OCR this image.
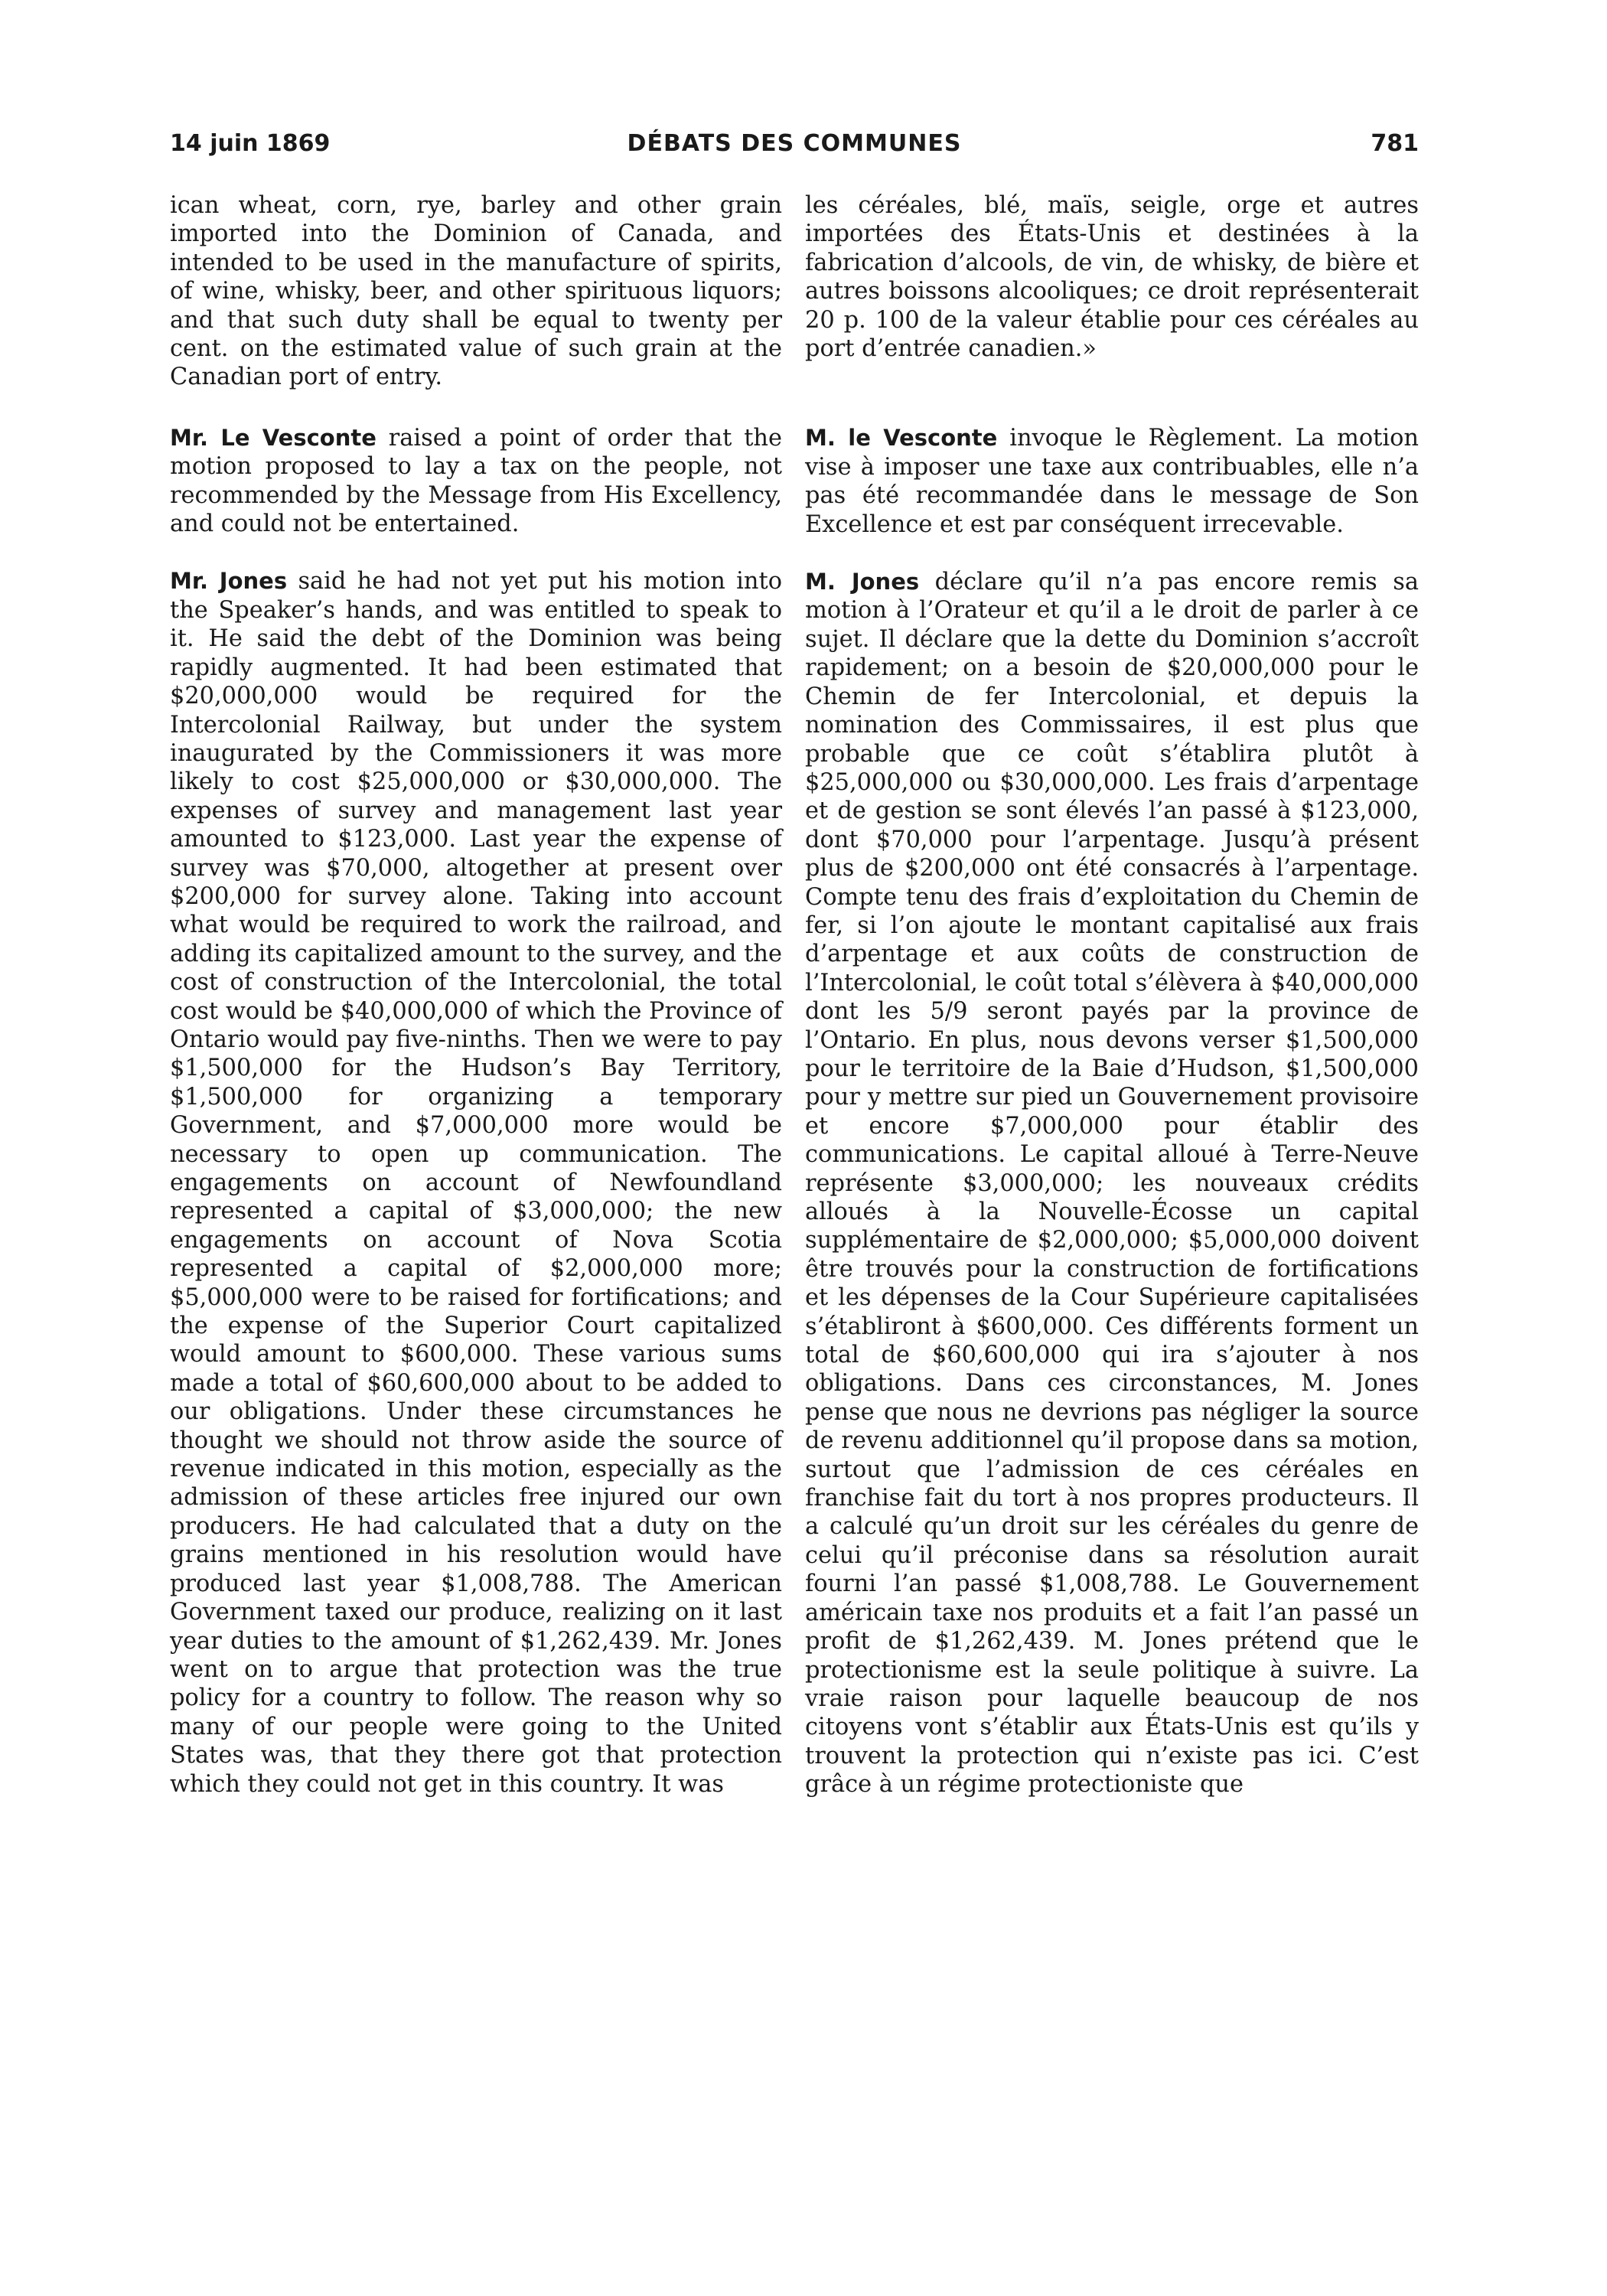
14 juin 1869	DÉBATS DES COMMUNES	781

ican wheat, corn, rye, barley and other grain imported into the Dominion of Canada, and intended to be used in the manufacture of spirits, of wine, whisky, beer, and other spirituous liquors; and that such duty shall be equal to twenty per cent. on the estimated value of such grain at the Canadian port of entry.

Mr. Le Vesconte raised a point of order that the motion proposed to lay a tax on the people, not recommended by the Message from His Excellency, and could not be entertained.

Mr. Jones said he had not yet put his motion into the Speaker’s hands, and was entitled to speak to it. He said the debt of the Dominion was being rapidly augmented. It had been estimated that $20,000,000 would be required for the Intercolonial Railway, but under the system inaugurated by the Commissioners it was more likely to cost $25,000,000 or $30,000,000. The expenses of survey and management last year amounted to $123,000. Last year the expense of survey was $70,000, altogether at present over $200,000 for survey alone. Taking into account what would be required to work the railroad, and adding its capitalized amount to the survey, and the cost of construction of the Intercolonial, the total cost would be $40,000,000 of which the Province of Ontario would pay five-ninths. Then we were to pay $1,500,000 for the Hudson’s Bay Territory, $1,500,000 for organizing a temporary Government, and $7,000,000 more would be necessary to open up communication. The engagements on account of Newfoundland represented a capital of $3,000,000; the new engagements on account of Nova Scotia represented a capital of $2,000,000 more; $5,000,000 were to be raised for fortifications; and the expense of the Superior Court capitalized would amount to $600,000. These various sums made a total of $60,600,000 about to be added to our obligations. Under these circumstances he thought we should not throw aside the source of revenue indicated in this motion, especially as the admission of these articles free injured our own producers. He had calculated that a duty on the grains mentioned in his resolution would have produced last year $1,008,788. The American Government taxed our produce, realizing on it last year duties to the amount of $1,262,439. Mr. Jones went on to argue that protection was the true policy for a country to follow. The reason why so many of our people were going to the United States was, that they there got that protection which they could not get in this country. It was

les céréales, blé, maïs, seigle, orge et autres importées des États-Unis et destinées à la fabrication d’alcools, de vin, de whisky, de bière et autres boissons alcooliques; ce droit représenterait 20 p. 100 de la valeur établie pour ces céréales au port d’entrée canadien.»

M. le Vesconte invoque le Règlement. La motion vise à imposer une taxe aux contribuables, elle n’a pas été recommandée dans le message de Son Excellence et est par conséquent irrecevable.

M. Jones déclare qu’il n’a pas encore remis sa motion à l’Orateur et qu’il a le droit de parler à ce sujet. Il déclare que la dette du Dominion s’accroît rapidement; on a besoin de $20,000,000 pour le Chemin de fer Intercolonial, et depuis la nomination des Commissaires, il est plus que probable que ce coût s’établira plutôt à $25,000,000 ou $30,000,000. Les frais d’arpentage et de gestion se sont élevés l’an passé à $123,000, dont $70,000 pour l’arpentage. Jusqu’à présent plus de $200,000 ont été consacrés à l’arpentage. Compte tenu des frais d’exploitation du Chemin de fer, si l’on ajoute le montant capitalisé aux frais d’arpentage et aux coûts de construction de l’Intercolonial, le coût total s’élèvera à $40,000,000 dont les 5/9 seront payés par la province de l’Ontario. En plus, nous devons verser $1,500,000 pour le territoire de la Baie d’Hudson, $1,500,000 pour y mettre sur pied un Gouvernement provisoire et encore $7,000,000 pour établir des communications. Le capital alloué à Terre-Neuve représente $3,000,000; les nouveaux crédits alloués à la Nouvelle-Écosse un capital supplémentaire de $2,000,000; $5,000,000 doivent être trouvés pour la construction de fortifications et les dépenses de la Cour Supérieure capitalisées s’établiront à $600,000. Ces différents forment un total de $60,600,000 qui ira s’ajouter à nos obligations. Dans ces circonstances, M. Jones pense que nous ne devrions pas négliger la source de revenu additionnel qu’il propose dans sa motion, surtout que l’admission de ces céréales en franchise fait du tort à nos propres producteurs. Il a calculé qu’un droit sur les céréales du genre de celui qu’il préconise dans sa résolution aurait fourni l’an passé $1,008,788. Le Gouvernement américain taxe nos produits et a fait l’an passé un profit de $1,262,439. M. Jones prétend que le protectionisme est la seule politique à suivre. La vraie raison pour laquelle beaucoup de nos citoyens vont s’établir aux États-Unis est qu’ils y trouvent la protection qui n’existe pas ici. C’est grâce à un régime protectioniste que
